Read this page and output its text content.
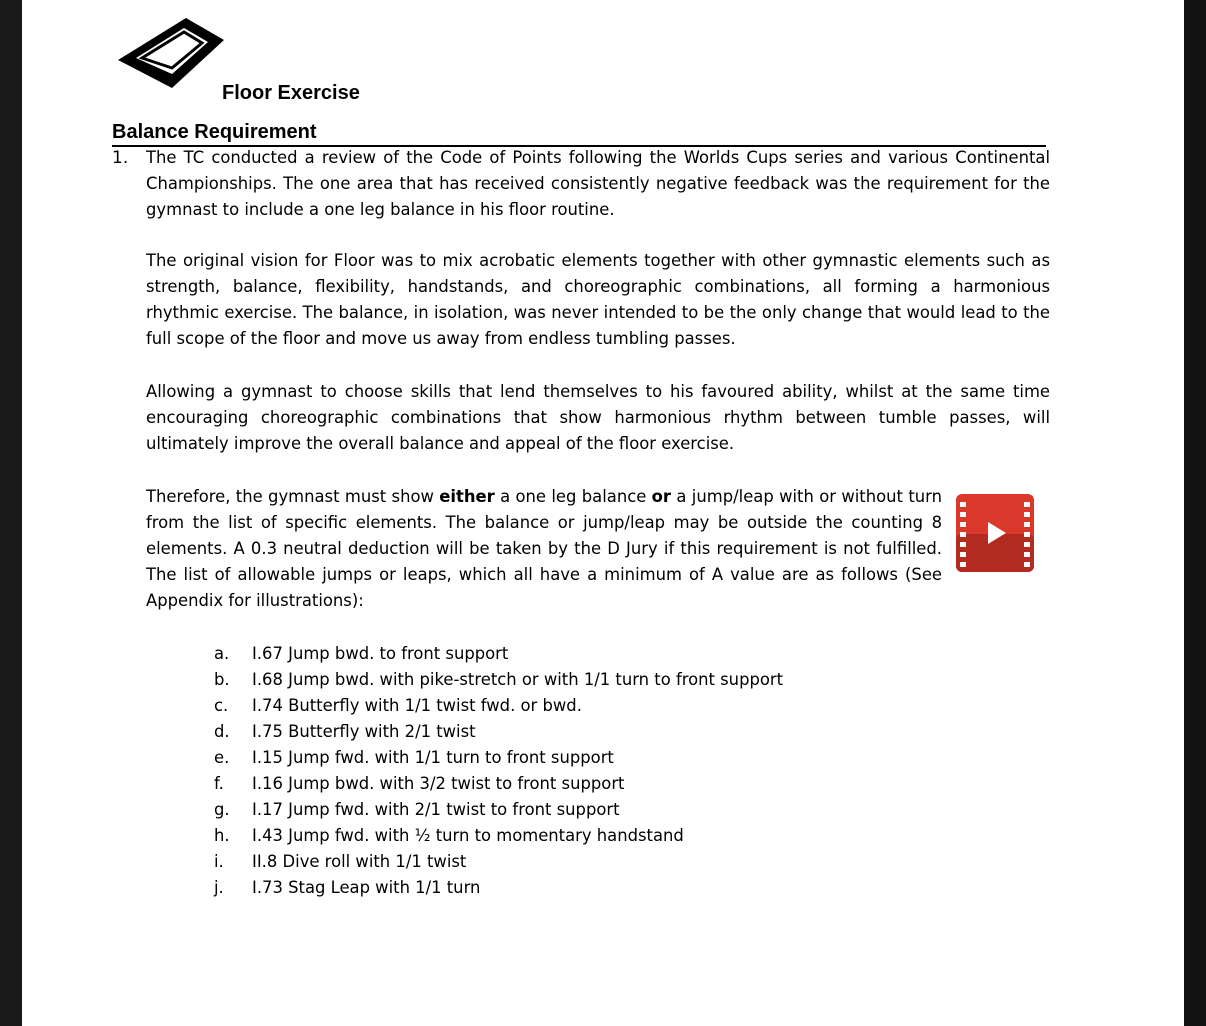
Floor Exercise
Balance Requirement
1. The TC conducted a review of the Code of Points following the Worlds Cups series and various Continental Championships. The one area that has received consistently negative feedback was the requirement for the gymnast to include a one leg balance in his floor routine.

The original vision for Floor was to mix acrobatic elements together with other gymnastic elements such as strength, balance, flexibility, handstands, and choreographic combinations, all forming a harmonious rhythmic exercise. The balance, in isolation, was never intended to be the only change that would lead to the full scope of the floor and move us away from endless tumbling passes.

Allowing a gymnast to choose skills that lend themselves to his favoured ability, whilst at the same time encouraging choreographic combinations that show harmonious rhythm between tumble passes, will ultimately improve the overall balance and appeal of the floor exercise.

Therefore, the gymnast must show either a one leg balance or a jump/leap with or without turn from the list of specific elements. The balance or jump/leap may be outside the counting 8 elements. A 0.3 neutral deduction will be taken by the D Jury if this requirement is not fulfilled. The list of allowable jumps or leaps, which all have a minimum of A value are as follows (See Appendix for illustrations):

a. I.67 Jump bwd. to front support
b. I.68 Jump bwd. with pike-stretch or with 1/1 turn to front support
c. I.74 Butterfly with 1/1 twist fwd. or bwd.
d. I.75 Butterfly with 2/1 twist
e. I.15 Jump fwd. with 1/1 turn to front support
f. I.16 Jump bwd. with 3/2 twist to front support
g. I.17 Jump fwd. with 2/1 twist to front support
h. I.43 Jump fwd. with ½ turn to momentary handstand
i. II.8 Dive roll with 1/1 twist
j. I.73 Stag Leap with 1/1 turn
